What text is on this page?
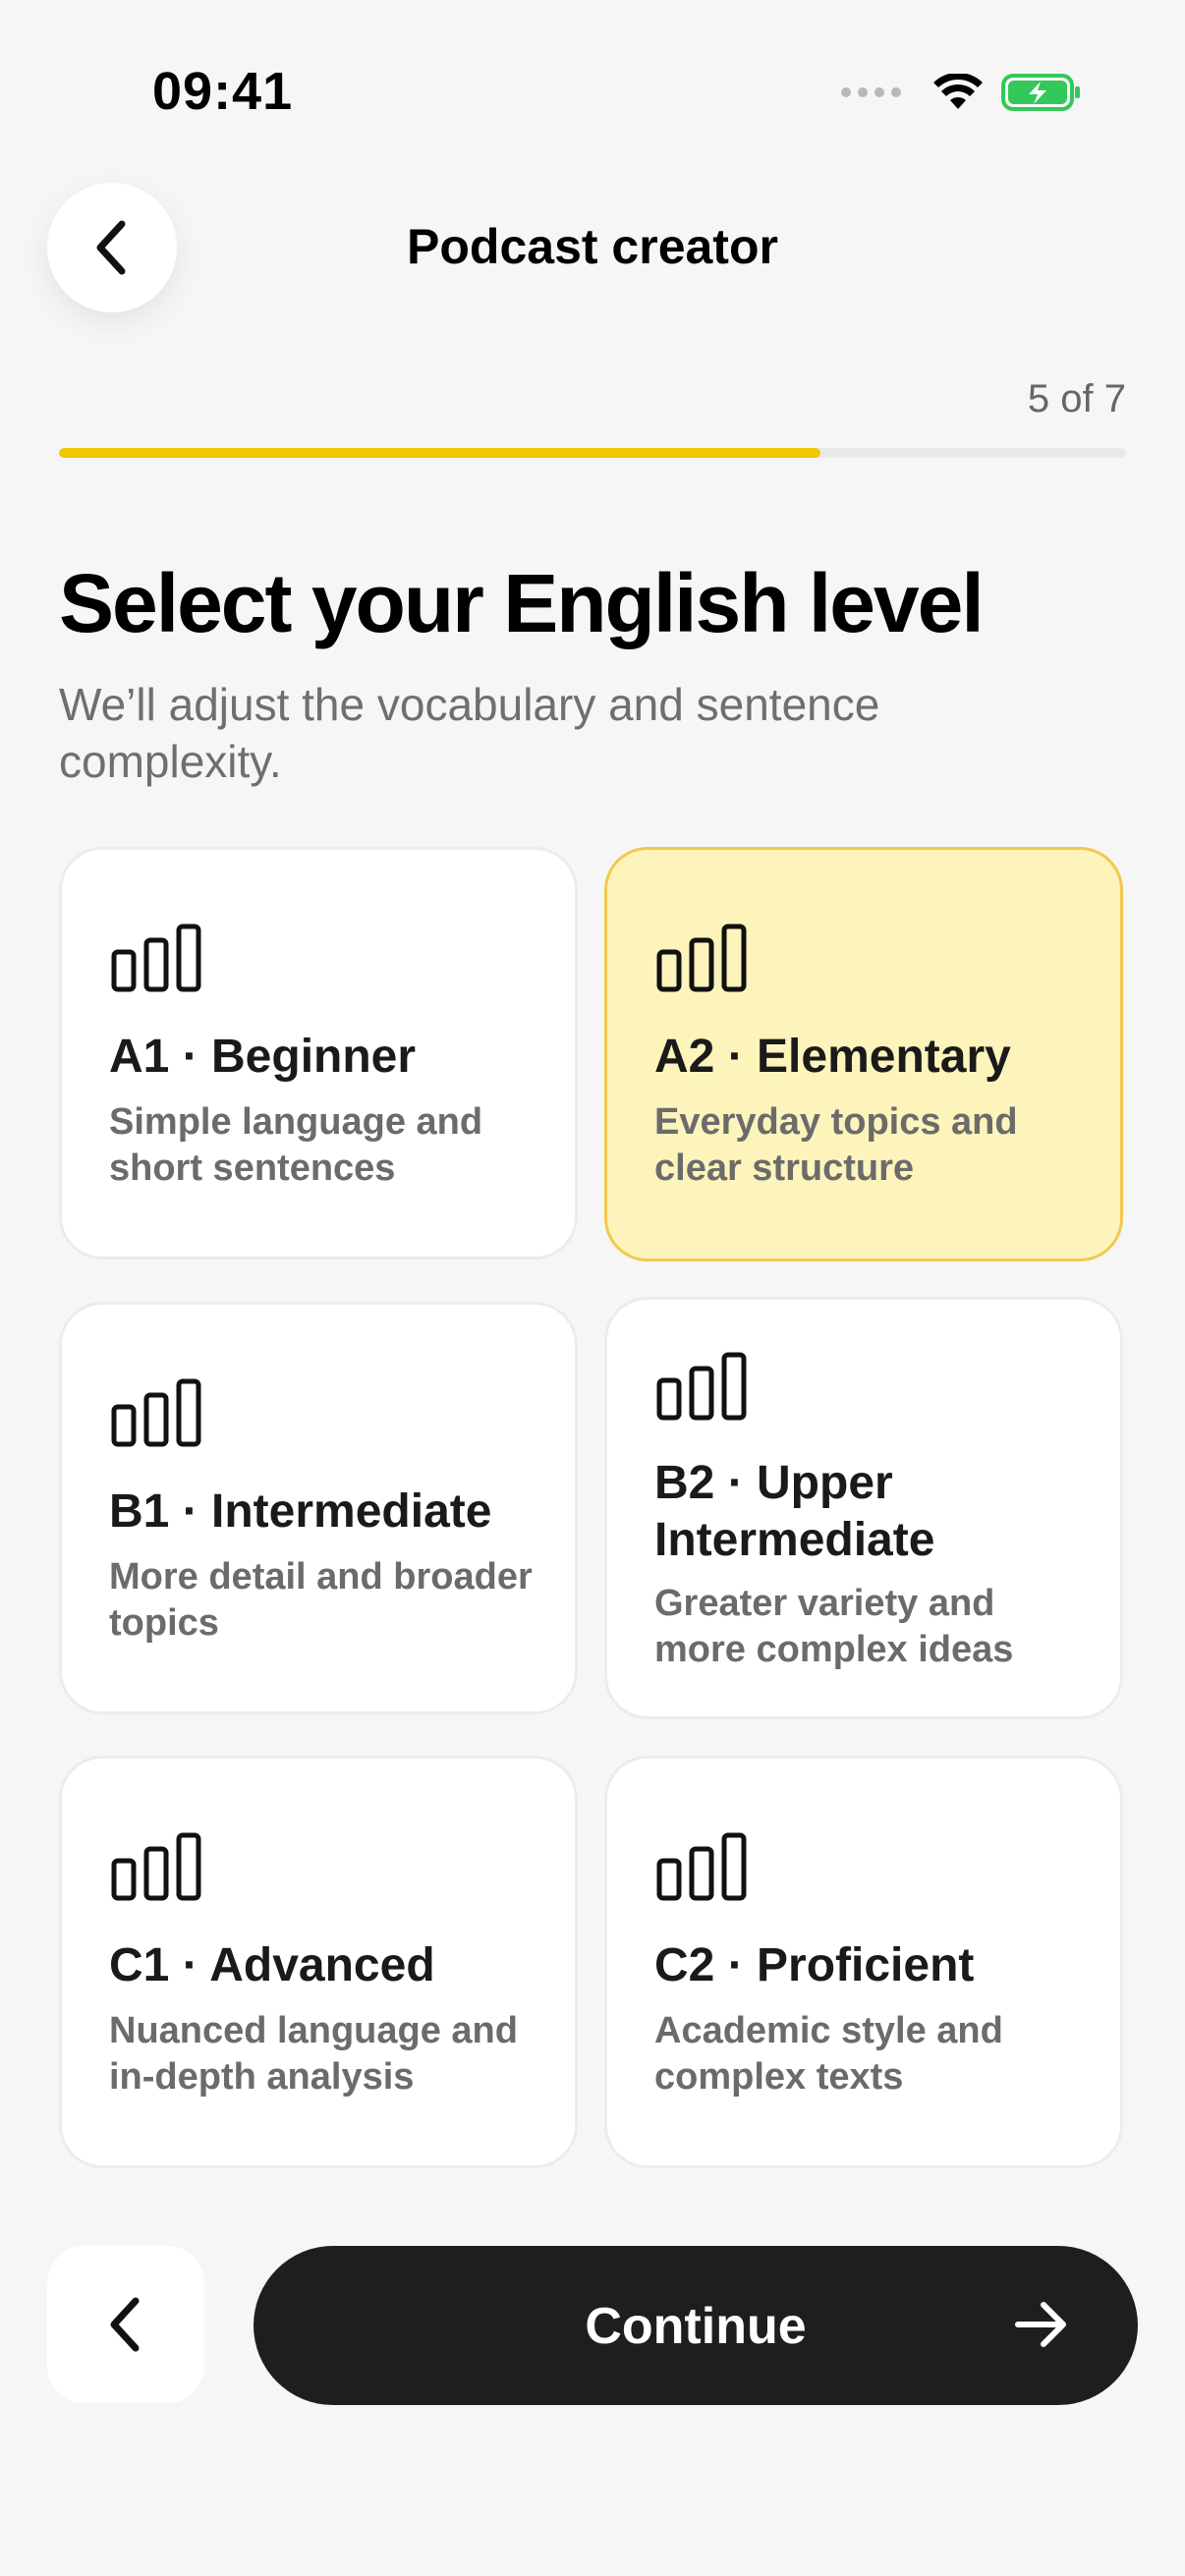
09:41
Podcast creator
5 of 7
Select your English level
We’ll adjust the vocabulary and sentence complexity.
A1 · Beginner
Simple language and short sentences
A2 · Elementary
Everyday topics and clear structure
B1 · Intermediate
More detail and broader topics
B2 · Upper Intermediate
Greater variety and more complex ideas
C1 · Advanced
Nuanced language and in-depth analysis
C2 · Proficient
Academic style and complex texts
Continue
